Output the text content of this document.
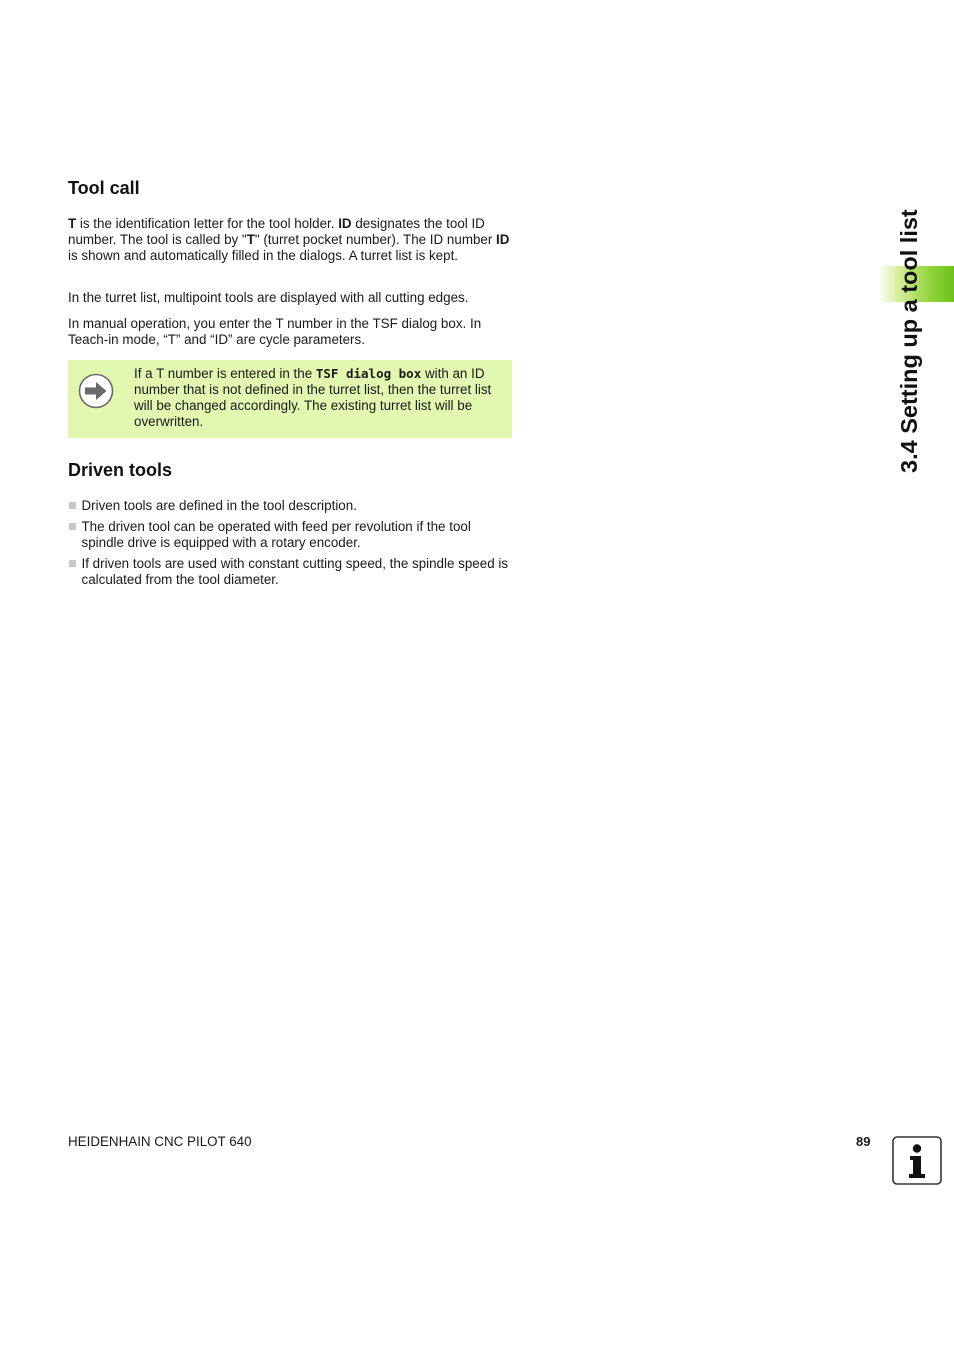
3.4 Setting up a tool list
Tool call

T is the identification letter for the tool holder. ID designates the tool ID number. The tool is called by "T" (turret pocket number). The ID number ID is shown and automatically filled in the dialogs. A turret list is kept.

In the turret list, multipoint tools are displayed with all cutting edges.

In manual operation, you enter the T number in the TSF dialog box. In Teach-in mode, “T” and “ID” are cycle parameters.

If a T number is entered in the TSF dialog box with an ID number that is not defined in the turret list, then the turret list will be changed accordingly. The existing turret list will be overwritten.

Driven tools
Driven tools are defined in the tool description.
The driven tool can be operated with feed per revolution if the tool spindle drive is equipped with a rotary encoder.
If driven tools are used with constant cutting speed, the spindle speed is calculated from the tool diameter.
HEIDENHAIN CNC PILOT 640	89
